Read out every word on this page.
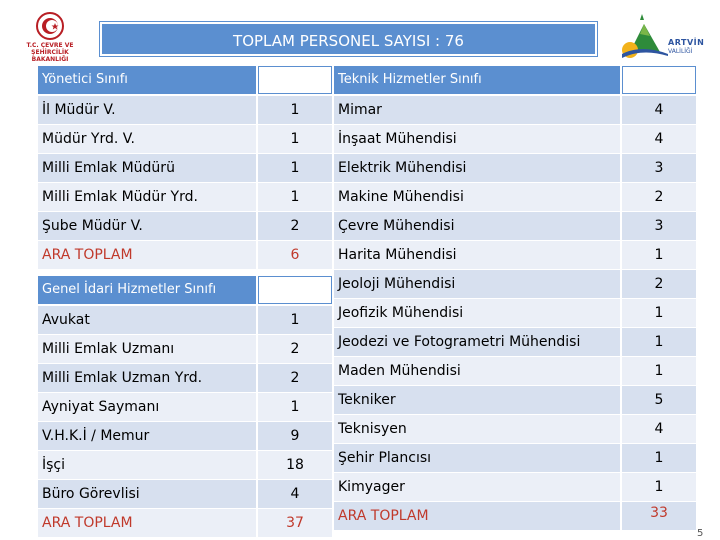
T.C. ÇEVRE VE
ŞEHİRCİLİK BAKANLIĞI
TOPLAM PERSONEL SAYISI : 76	ARTVİN
VALİLİĞİ
Yönetici Sınıfı
İl Müdür V.	1
Müdür Yrd. V.	1
Milli Emlak Müdürü	1
Milli Emlak Müdür Yrd.	1
Şube Müdür V.	2
ARA TOPLAM	6
Genel İdari Hizmetler Sınıfı
Avukat	1
Milli Emlak Uzmanı	2
Milli Emlak Uzman Yrd.	2
Ayniyat Saymanı	1
V.H.K.İ / Memur	9
İşçi	18
Büro Görevlisi	4
ARA TOPLAM	37
Teknik Hizmetler Sınıfı
Mimar	4
İnşaat Mühendisi	4
Elektrik Mühendisi	3
Makine Mühendisi	2
Çevre Mühendisi	3
Harita Mühendisi	1
Jeoloji Mühendisi	2
Jeofizik Mühendisi	1
Jeodezi ve Fotogrametri Mühendisi	1
Maden Mühendisi	1
Tekniker	5
Teknisyen	4
Şehir Plancısı	1
Kimyager	1
ARA TOPLAM	33
5
